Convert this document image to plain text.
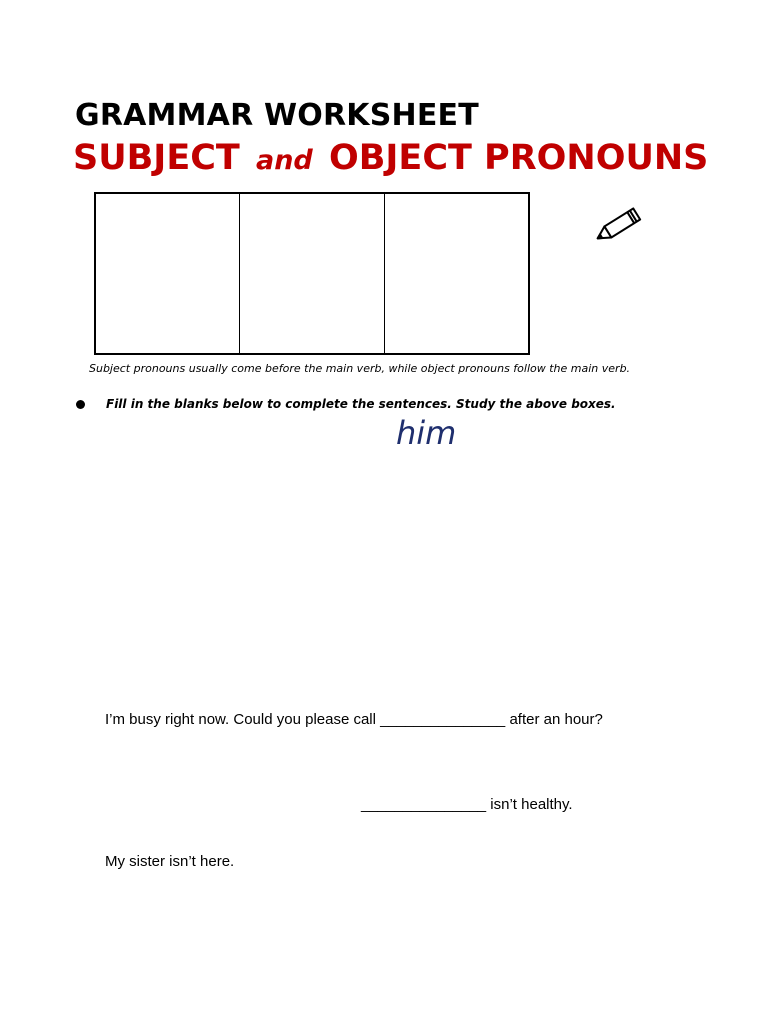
GRAMMAR WORKSHEET
SUBJECT and OBJECT PRONOUNS
Subject pronouns usually come before the main verb, while object pronouns follow the main verb.
Fill in the blanks below to complete the sentences. Study the above boxes.
him
I’m busy right now. Could you please call _______________ after an hour?
_______________ isn’t healthy.
My sister isn’t here.
